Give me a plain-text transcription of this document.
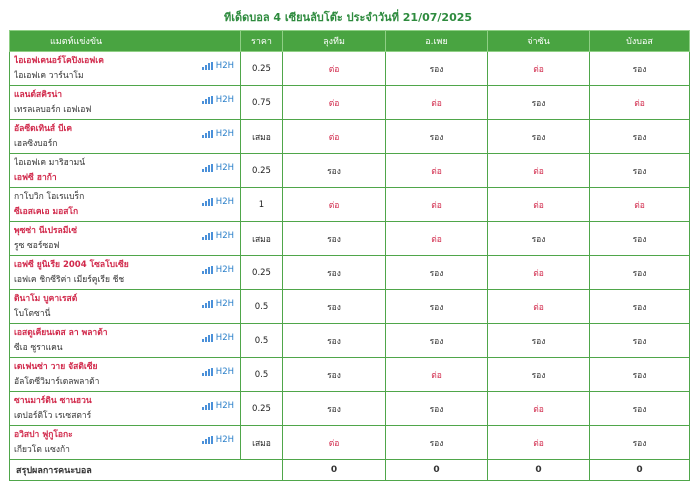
ทีเด็ดบอล 4 เซียนลับโต๊ะ ประจำวันที่ 21/07/2025
แมตท์แข่งขัน	ราคา	ลุงทีม	อ.เพย	จ่าซัน	บังบอส

ไอเอฟเคนอร์โคปิงเอฟเค
ไอเอฟเค วาร์นาโม
H2H	0.25	ต่อ	รอง	ต่อ	รอง

แลนด์สคิรน่า
เทรลเลบอร์ก เอฟเอฟ
H2H	0.75	ต่อ	ต่อ	รอง	ต่อ

อัลซีดเทินส์ บีเค
เฮลซิงบอร์ก
H2H	เสมอ	ต่อ	รอง	รอง	รอง

ไอเอฟเค มาริฮามน์
เอฟซี ฮาก้า
H2H	0.25	รอง	ต่อ	ต่อ	รอง

กาโบวิก โอเรแบร็ก
ซีเอสเคเอ มอสโก
H2H	1	ต่อ	ต่อ	ต่อ	ต่อ

พุซซ่า นีเปรลมีเซ่
รูซ ซอร์ซอฟ
H2H	เสมอ	รอง	ต่อ	รอง	รอง

เอฟซี ยูนิเรีย 2004 โซลโบเซีย
เอฟเค ชิกซีริค่า เมียร์คูเรีย ชีช
H2H	0.25	รอง	รอง	ต่อ	รอง

ดินาโม บูคาเรสต์
โบโตซานี่
H2H	0.5	รอง	รอง	ต่อ	รอง

เอสดูเคียนเตส ลา พลาต้า
ซีเอ ซูราแคน
H2H	0.5	รอง	รอง	รอง	รอง

เดเฟนซ่า วาย จัสติเซีย
อัลโดซีวิมาร์เดลพลาต้า
H2H	0.5	รอง	ต่อ	รอง	รอง

ซานมาร์ติน ซานฮวน
เดปอร์ติโว เรเซสตาร์
H2H	0.25	รอง	รอง	ต่อ	รอง

อวิสปา ฟูกูโอกะ
เกียวโต แซงก้า
H2H	เสมอ	ต่อ	รอง	ต่อ	รอง
สรุปผลการคนะบอล		0	0	0	0
